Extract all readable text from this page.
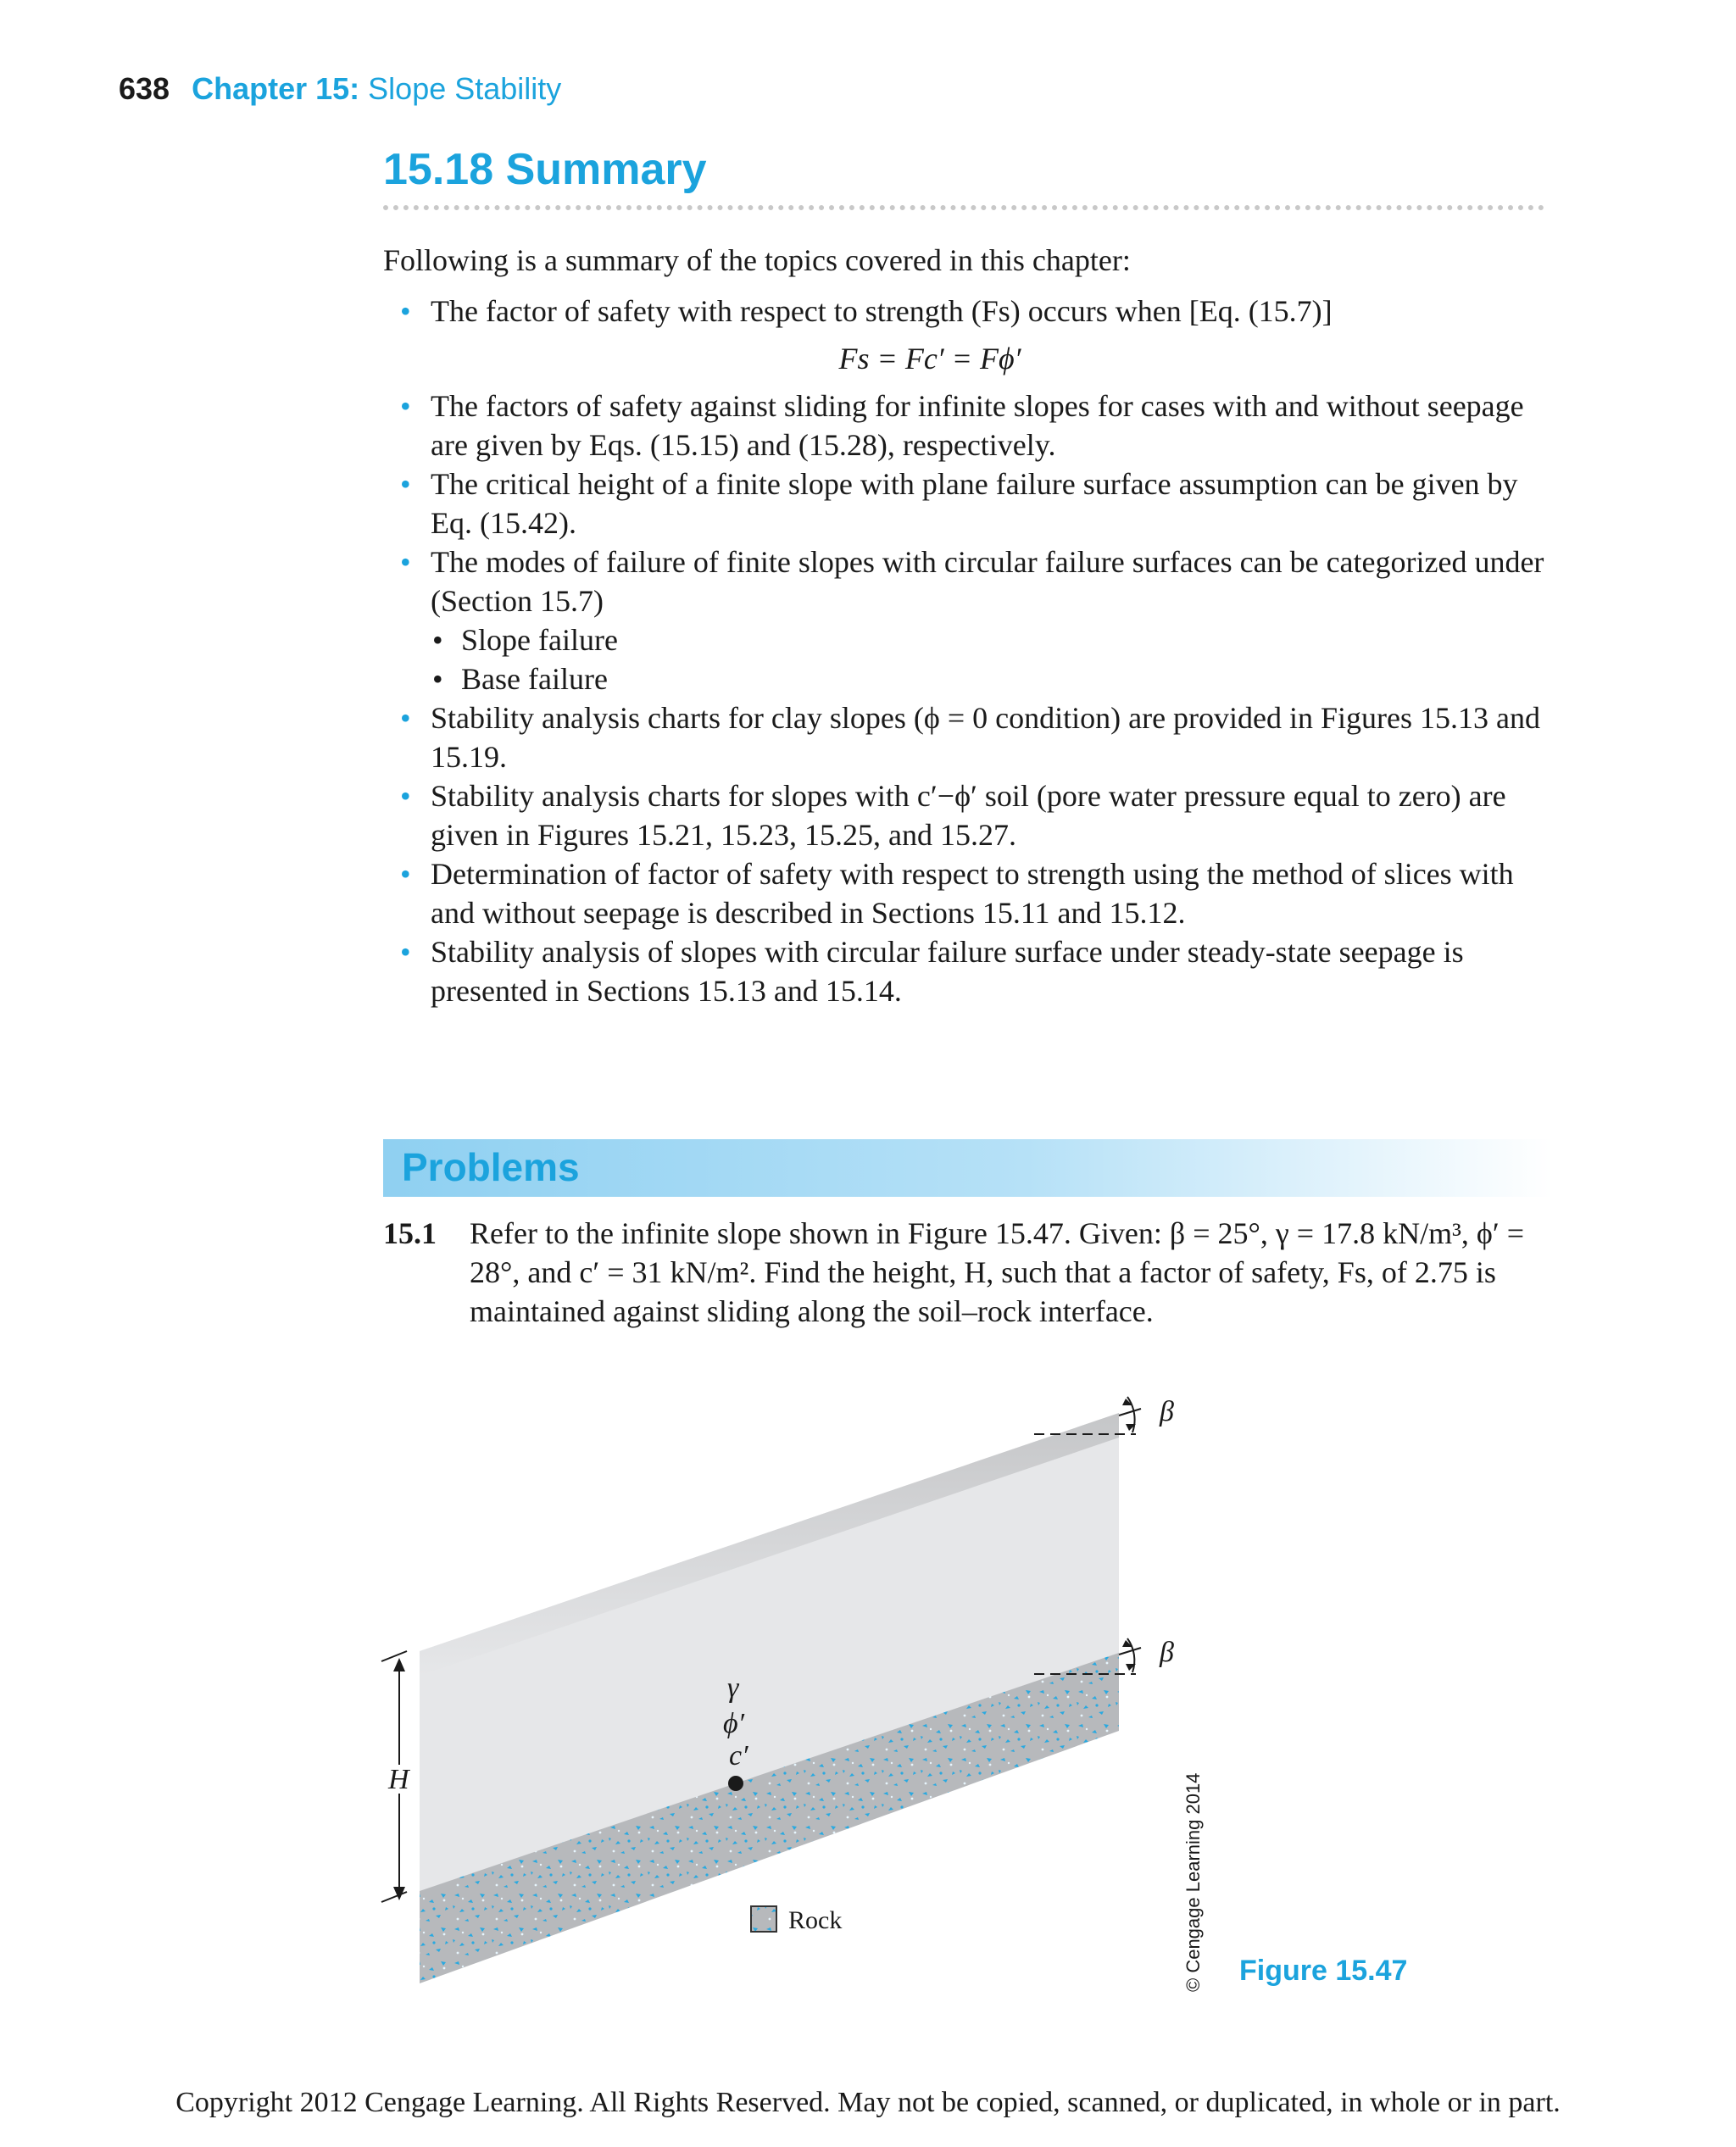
638 Chapter 15: Slope Stability
15.18 Summary

Following is a summary of the topics covered in this chapter:

• The factor of safety with respect to strength (Fs) occurs when [Eq. (15.7)]
Fs = Fc′ = Fϕ′
• The factors of safety against sliding for infinite slopes for cases with and without seepage are given by Eqs. (15.15) and (15.28), respectively.
• The critical height of a finite slope with plane failure surface assumption can be given by Eq. (15.42).
• The modes of failure of finite slopes with circular failure surfaces can be categorized under (Section 15.7)
• Slope failure
• Base failure
• Stability analysis charts for clay slopes (ϕ = 0 condition) are provided in Figures 15.13 and 15.19.
• Stability analysis charts for slopes with c′−ϕ′ soil (pore water pressure equal to zero) are given in Figures 15.21, 15.23, 15.25, and 15.27.
• Determination of factor of safety with respect to strength using the method of slices with and without seepage is described in Sections 15.11 and 15.12.
• Stability analysis of slopes with circular failure surface under steady-state seepage is presented in Sections 15.13 and 15.14.
Problems
15.1 Refer to the infinite slope shown in Figure 15.47. Given: β = 25°, γ = 17.8 kN/m³, ϕ′ = 28°, and c′ = 31 kN/m². Find the height, H, such that a factor of safety, Fs, of 2.75 is maintained against sliding along the soil–rock interface.
β
β
H
γ
ϕ′
c′
Rock	© Cengage Learning 2014 Figure 15.47
Copyright 2012 Cengage Learning. All Rights Reserved. May not be copied, scanned, or duplicated, in whole or in part.
